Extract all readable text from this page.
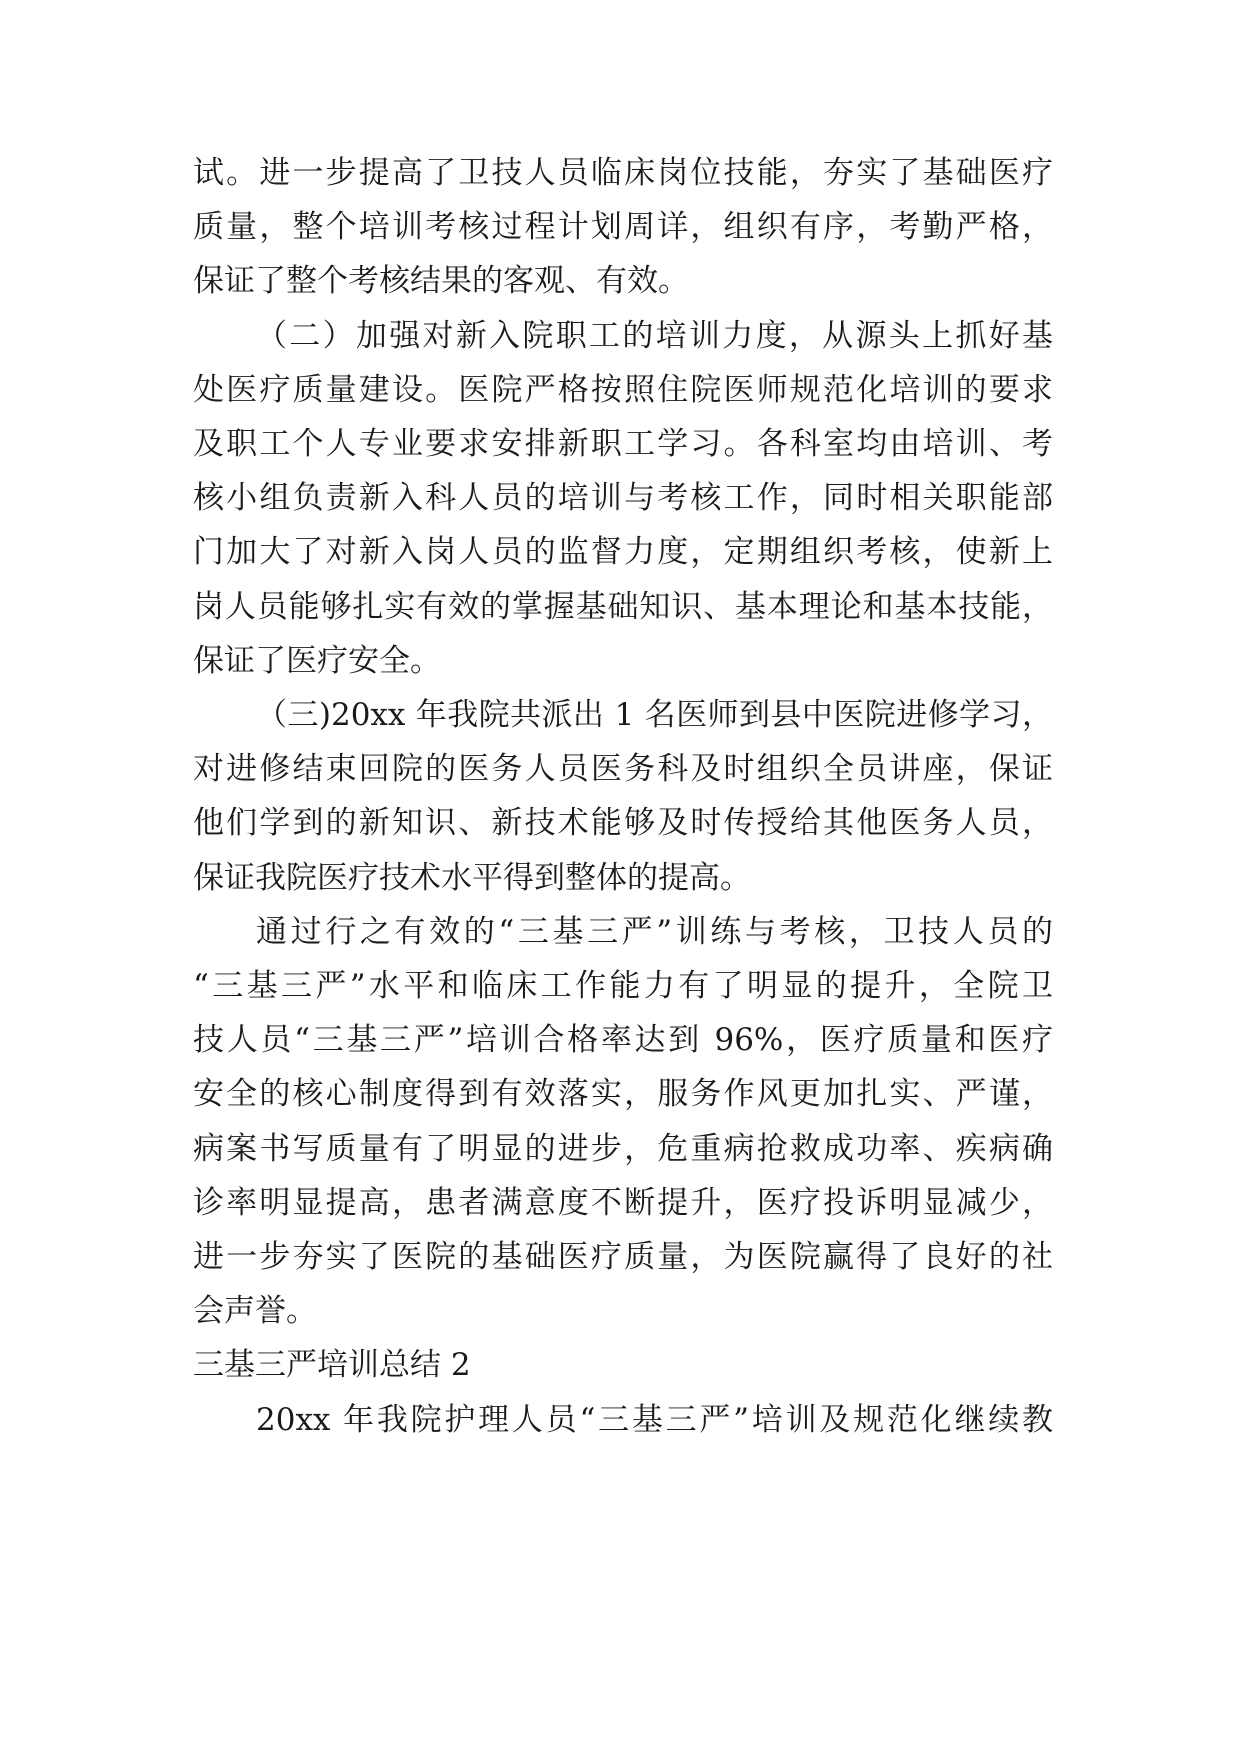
试。进一步提高了卫技人员临床岗位技能，夯实了基础医疗
质量，整个培训考核过程计划周详，组织有序，考勤严格，
保证了整个考核结果的客观、有效。
（二）加强对新入院职工的培训力度，从源头上抓好基
处医疗质量建设。医院严格按照住院医师规范化培训的要求
及职工个人专业要求安排新职工学习。各科室均由培训、考
核小组负责新入科人员的培训与考核工作，同时相关职能部
门加大了对新入岗人员的监督力度，定期组织考核，使新上
岗人员能够扎实有效的掌握基础知识、基本理论和基本技能，
保证了医疗安全。
（三)20xx 年我院共派出 1 名医师到县中医院进修学习，
对进修结束回院的医务人员医务科及时组织全员讲座，保证
他们学到的新知识、新技术能够及时传授给其他医务人员，
保证我院医疗技术水平得到整体的提高。
通过行之有效的“三基三严”训练与考核，卫技人员的
“三基三严”水平和临床工作能力有了明显的提升，全院卫
技人员“三基三严”培训合格率达到 96%，医疗质量和医疗
安全的核心制度得到有效落实，服务作风更加扎实、严谨，
病案书写质量有了明显的进步，危重病抢救成功率、疾病确
诊率明显提高，患者满意度不断提升，医疗投诉明显减少，
进一步夯实了医院的基础医疗质量，为医院赢得了良好的社
会声誉。
三基三严培训总结 2
20xx 年我院护理人员“三基三严”培训及规范化继续教
